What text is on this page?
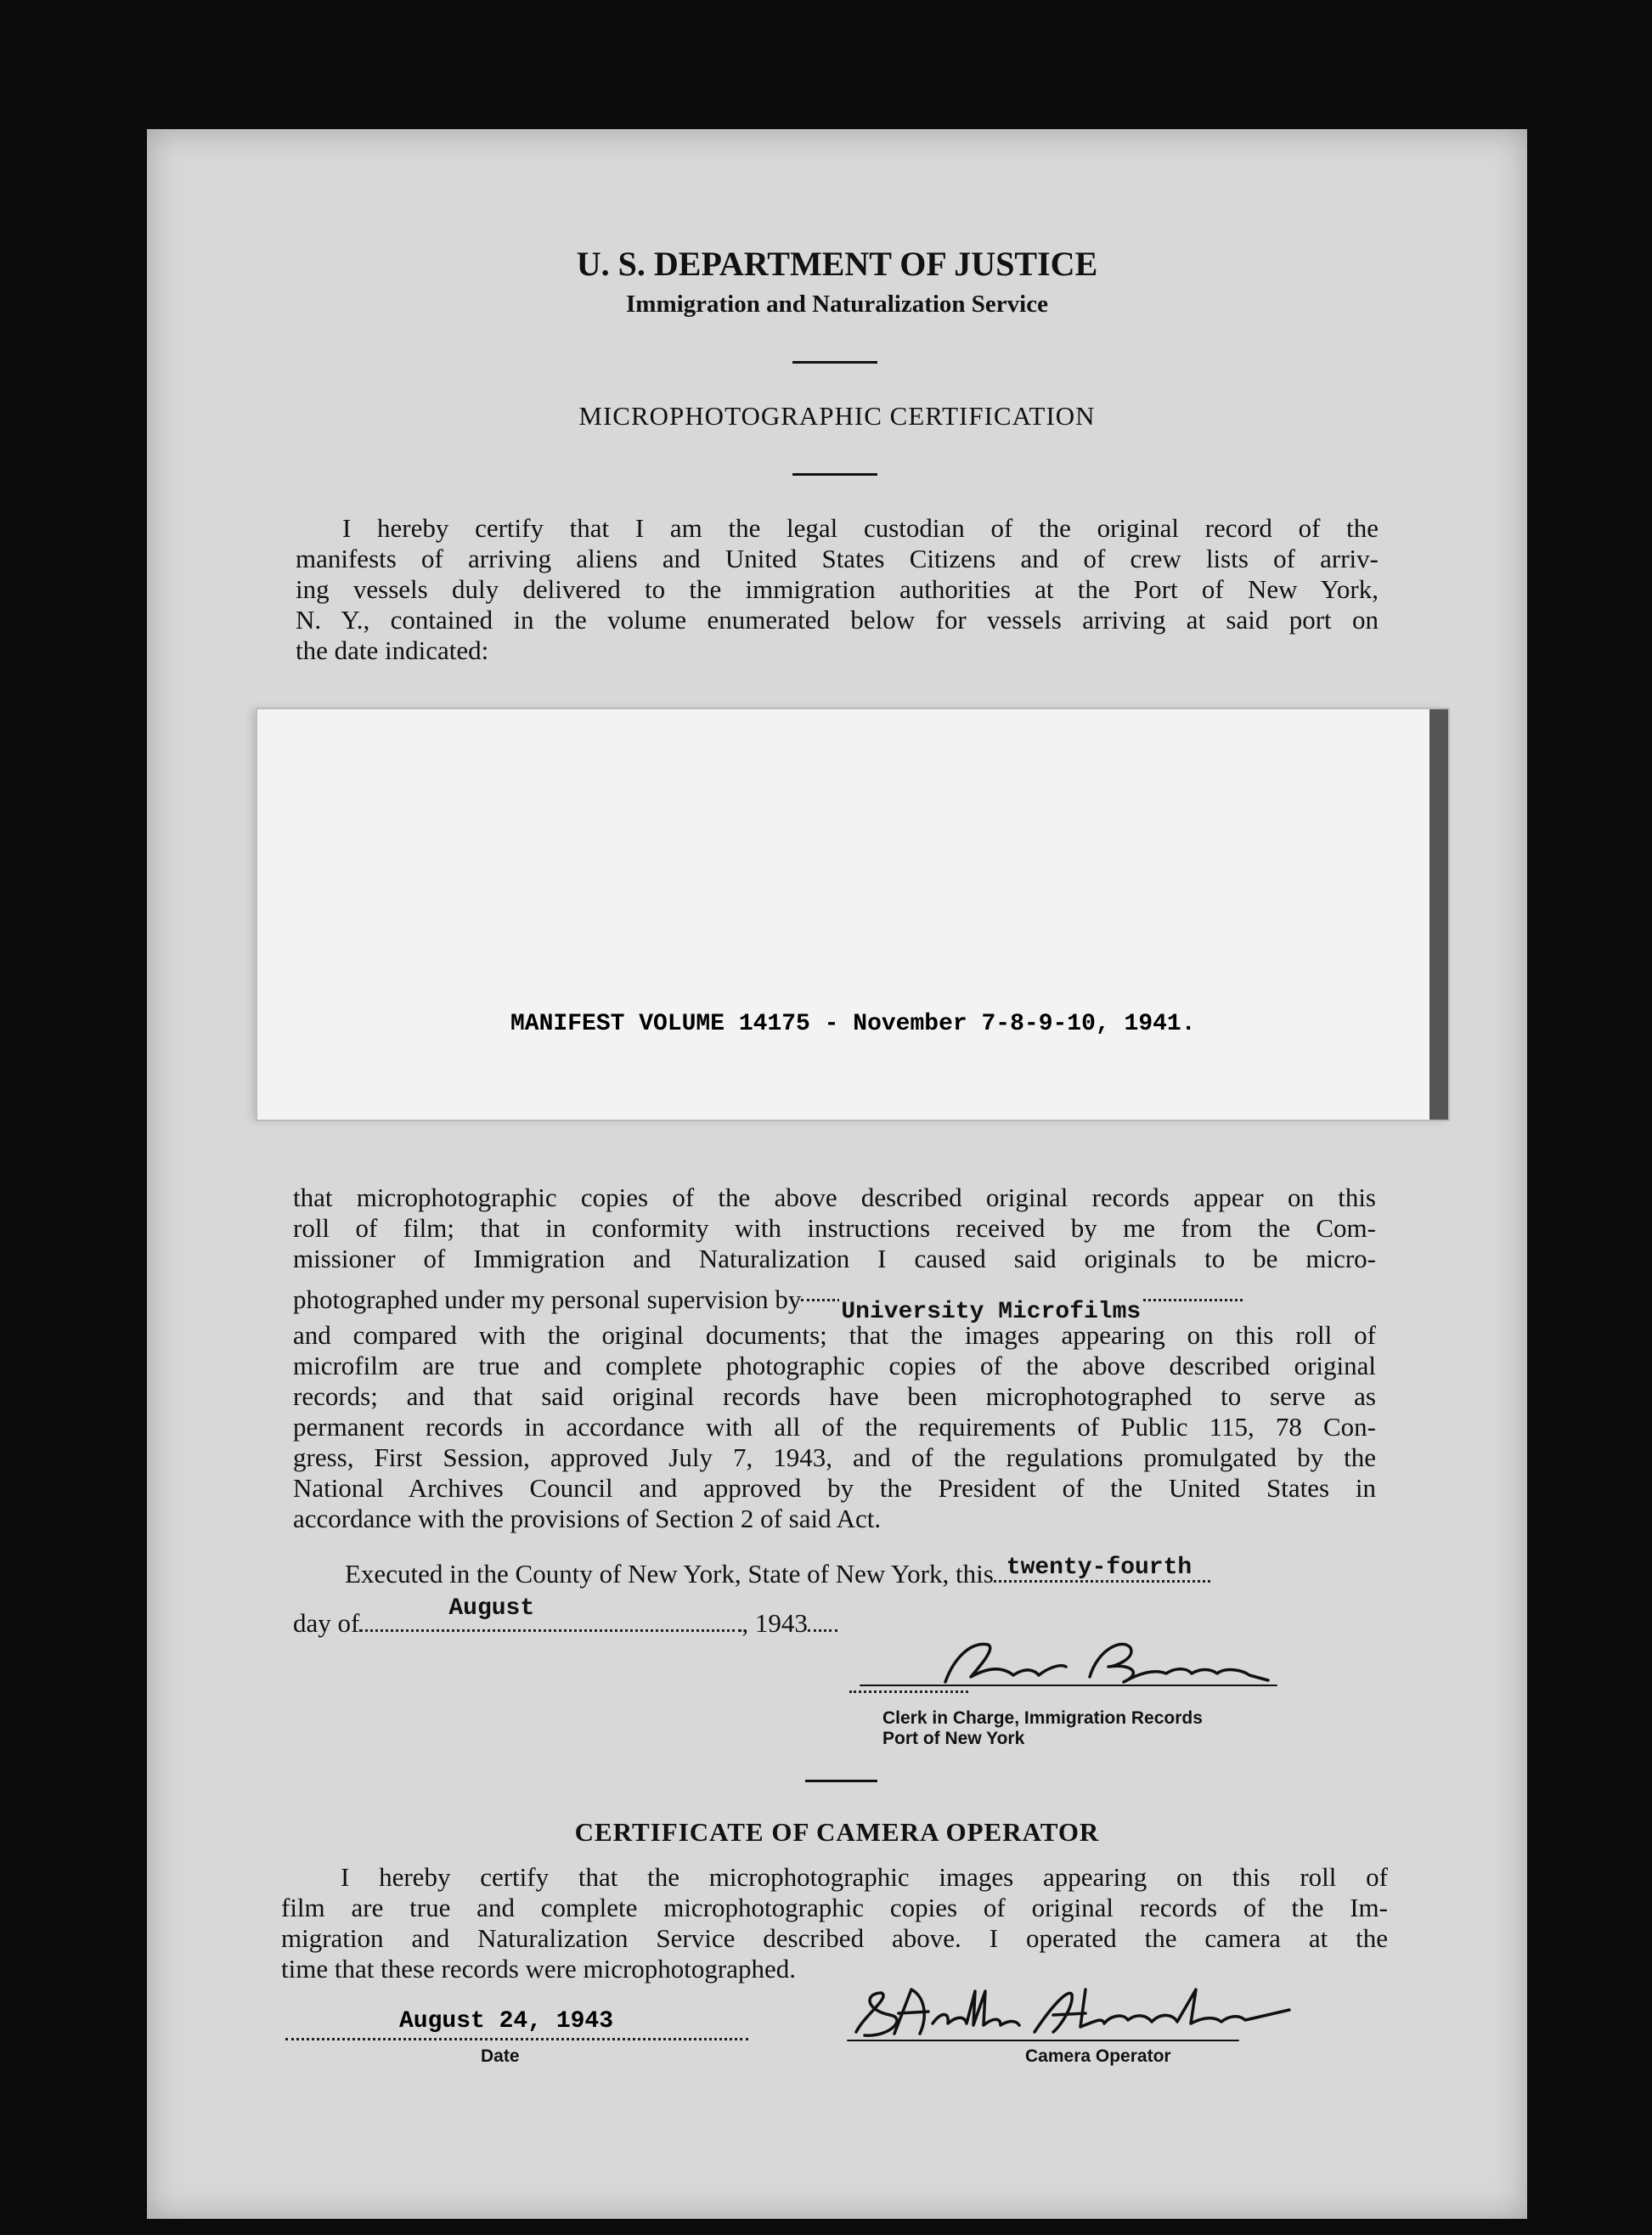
U. S. DEPARTMENT OF JUSTICE
Immigration and Naturalization Service
MICROPHOTOGRAPHIC CERTIFICATION
I hereby certify that I am the legal custodian of the original record of the
manifests of arriving aliens and United States Citizens and of crew lists of arriv-
ing vessels duly delivered to the immigration authorities at the Port of New York,
N. Y., contained in the volume enumerated below for vessels arriving at said port on
the date indicated:
MANIFEST VOLUME 14175 - November 7-8-9-10, 1941.
that microphotographic copies of the above described original records appear on this
roll of film; that in conformity with instructions received by me from the Com-
missioner of Immigration and Naturalization I caused said originals to be micro-
photographed under my personal supervision by University Microfilms
and compared with the original documents; that the images appearing on this roll of
microfilm are true and complete photographic copies of the above described original
records; and that said original records have been microphotographed to serve as
permanent records in accordance with all of the requirements of Public 115, 78 Con-
gress, First Session, approved July 7, 1943, and of the regulations promulgated by the
National Archives Council and approved by the President of the United States in
accordance with the provisions of Section 2 of said Act.
Executed in the County of New York, State of New York, this twenty-fourth
day of	August	, 1943
Clerk in Charge, Immigration Records
Port of New York
CERTIFICATE OF CAMERA OPERATOR
I hereby certify that the microphotographic images appearing on this roll of
film are true and complete microphotographic copies of original records of the Im-
migration and Naturalization Service described above. I operated the camera at the
time that these records were microphotographed.
August 24, 1943
Date	Camera Operator
